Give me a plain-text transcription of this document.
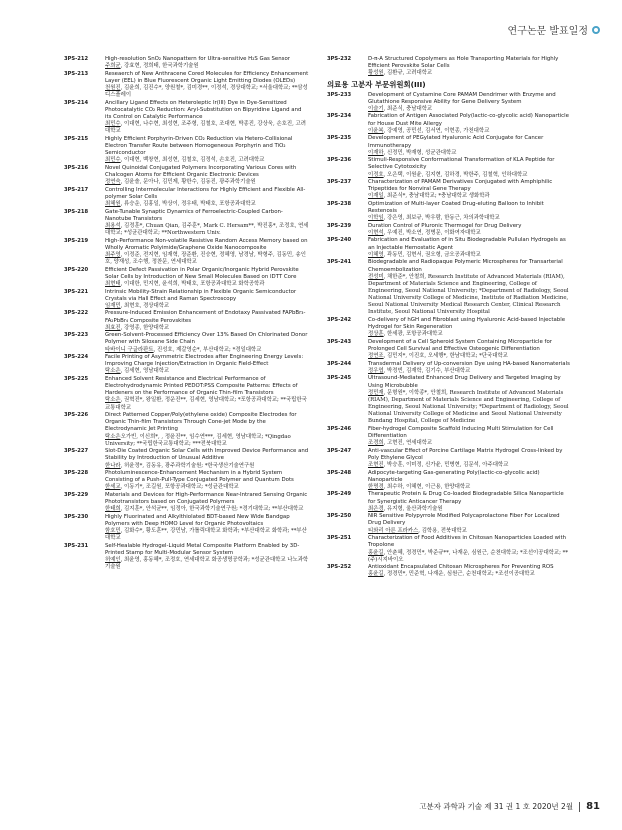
연구논문 발표일정
3PS-212	High-resolution SnO₂ Nanopattern for Ultra-sensitive H₂S Gas Sensor
주희균, 강효현, 정희태, 한국과학기술원
3PS-213	Reseaerch of New Anthracene Cored Molecules for Efficiency Enhancement Layer (EEL) in Blue Fluorescent Organic Light Emitting Diodes (OLEDs)
천원진, 김윤희, 김진수*, 양원철*, 김미경**, 이정석, 경상대학교; *서울대학교; **삼성디스플레이
3PS-214	Ancillary Ligand Effects on Heteroleptic Ir(III) Dye in Dye-Sensitized Photocatalytic CO₂ Reduction: Aryl-Substitution on Bipyridine Ligand and its Control on Catalytic Performance
최민수, 이대현, 나수현, 최성현, 조주형, 김철호, 조대현, 박종진, 강상욱, 손호진, 고려대학교
3PS-215	Highly Efficient Porphyrin-Driven CO₂ Reduction via Hetero-Collisional Electron Transfer Route between Homogeneous Porphyrin and TiO₂ Semiconductor
최민수, 이대현, 백창현, 최성현, 김철호, 김정석, 손호진, 고려대학교
3PS-216	Novel Quinoidal Conjugated Polymers Incorporating Various Cores with Chalcogen Atoms for Efficient Organic Electronic Devices
정연숙, 김윤솔, 문아나, 김민제, 황한수, 김동진, 광주과학기술원
3PS-217	Controlling Intermolecular Interactions for Highly Efficient and Flexible All-polymer Solar Cells
최혜원, 류승운, 김홍일, 박상이, 정우태, 박태호, 포항공과대학교
3PS-218	Gate-Tunable Synaptic Dynamics of Ferroelectric-Coupled Carbon-Nanotube Transistors
최용석, 김정훈*, Chuan Qian, 김주훈*, Mark C. Hersam**, 박진홍*, 조정호, 연세대학교; *성균관대학교; **Northwestern Univ.
3PS-219	High-Performance Non-volatile Resistive Random Access Memory based on Wholly Aromatic Polyimide/Graphene Oxide Nanocomposite
최주영, 이정준, 전지현, 임재혁, 장준환, 진승현, 정혜영, 남경남, 박형주, 김동민, 송인호, 양재성, 조수행, 정찬문, 연세대학교
3PS-220	Efficient Defect Passivation in Polar Organic/Inorganic Hybrid Perovskite Solar Cells by Introduction of New Small Molecules Based on IDTT Core
최현태, 이대한, 민지현, 윤석희, 박태호, 포항공과대학교 화학공학과
3PS-221	Intrinsic Mobility-Strain Relationship in Flexible Organic Semiconductor Crystals via Hall Effect and Raman Spectroscopy
임재민, 최현호, 경상대학교
3PS-222	Pressure-Induced Emission Enhancement of Endotaxy Passivated FAPbBr₃-FA₂PbBr₄ Composite Perovskites
최효진, 강영종, 한양대학교
3PS-223	Green-Solvent-Processed Efficiency Over 13% Based On Chlorinated Donor Polymer with Siloxane Side Chain
타바이니 구글라판트, 진성호, 제갈영순*, 부산대학교; *경일대학교
3PS-224	Facile Printing of Asymmetric Electrodes after Engineering Energy Levels: Improving Charge Injection/Extraction in Organic Field-Effect
탁소은, 김세현, 영남대학교
3PS-225	Enhanced Solvent Resistance and Electrical Performance of Electrohydrodynamic Printed PEDOT:PSS Composite Patterns: Effects of Hardeners on the Performance of Organic Thin-film Transistors
탁소은, 권혁진*, 왕일환, 정운진**, 김세현, 영남대학교; *포항공과대학교; **국립한국교통대학교
3PS-226	Direct Patterned Copper/Poly(ethylene oxide) Composite Electrodes for Organic Thin-film Transistors Through Cone-jet Mode by the Electrodynamic Jet Printing
탁소은오가빈, 이신희*, , 정윤진**, 임수연***, 김세현, 영남대학교; *Qingdao University; **국립한국교통대학교; ***전북대학교
3PS-227	Slot-Die Coated Organic Solar Cells with Improved Device Performance and Stability by Introduction of Unusual Additive
한나라, 허윤정*, 김동유, 광주과학기술원; *한국생산기술연구원
3PS-228	Photoluminescence-Enhancement Mechanism in a Hybrid System Consisting of a Push-Pull-Type Conjugated Polymer and Quantum Dots
한세교, 이동기*, 조길원, 포항공과대학교; *성균관대학교
3PS-229	Materials and Devices for High-Performance Near-Intrared Sensing Organic Phototransistors based on Conjugated Polymers
한태희, 김지훈*, 안석균**, 임정아, 한국과학기술연구원; *경기대학교; **부산대학교
3PS-230	Highly Fluorinated and Alkylthiolated BDT-based New Wide Bandgap Polymers with Deep HOMO Level for Organic Photovoltaics
함호민, 김화수*, 황도훈**, 강민남, 가톨릭대학교 화학과; *부산대학교 화학과; **부산대학교
3PS-231	Self-Healable Hydrogel-Liquid Metal Composite Platform Enabled by 3D-Printed Stamp for Multi-Modular Sensor System
허예인, 최윤영, 홍동혜*, 조정호, 연세대학교 화공생명공학과; *성균관대학교 나노과학기술원
3PS-232	D-π-A Structured Copolymers as Hole Transporting Materials for Highly Efficient Perovskite Solar Cells
황성원, 김환규, 고려대학교
의료용 고분자 부문위원회(III)
3PS-233	Development of Cystamine Core PAMAM Dendrimer with Enzyme and Glutathione Responsive Ability for Gene Delivery System
이슬기, 최준식, 충남대학교
3PS-234	Fabrication of Antigen Associated Poly(lactic-co-glycolic acid) Nanoparticle for House Dust Mite Allergy
이윤복, 강예영, 공민선, 김서연, 이현종, 가천대학교
3PS-235	Development of PEGylated Hyaluronic Acid Conjugate for Cancer Immunotherapy
이재하, 신정민, 박재형, 성균관대학교
3PS-236	Stimuli-Responsive Conformational Transformation of KLA Peptide for Selective Cytotoxicity
이정호, 오은택, 이원윤, 김지현, 김하경, 박한주, 김철혁, 인하대학교
3PS-237	Characterization of PAMAM Derivatives Conjugated with Amphiphilic Tripeptides for Nonviral Gene Therapy
이재일, 최준식*, 충남대학교; *충남대학교 생화학과
3PS-238	Optimization of Multi-layer Coated Drug-eluting Balloon to Inhibit Restenosis
이학임, 강은영, 최보규, 박우람, 한동근, 차의과학대학교
3PS-239	Duration Control of Pluronic Thermogel for Drug Delivery
이현석, 우예진, 박소연, 정병문, 이화여자대학교
3PS-240	Fabrication and Evaluation of in Situ Biodegradable Pullulan Hydrogels as an Injectable Hemostatic Agent
이혜영, 곽동민, 김현서, 권오형, 금오공과대학교
3PS-241	Biodegradable and Radiopaque Polymeric Microspheres for Transarterial Chemoembolization
전성미, 채한준*, 안철희, Research Institute of Advanced Materials (RIAM), Department of Materials Science and Engineering, College of Engineering, Seoul National University; *Department of Radiology, Seoul National University College of Medicine, Institute of Radiation Medicine, Seoul National University Medical Research Center, Clinical Research Institute, Seoul National University Hospital
3PS-242	Co-delivery of hGH and Fibroblast using Hyaluronic Acid-based Injectable Hydrogel for Skin Regeneration
정상훈, 한세광, 포항공과대학교
3PS-243	Development of a Cell Spheroid System Containing Microparticle for Prolonged Cell Survival and Effective Osteogenic Differentiation
정연조, 김민지*, 이진호, 오세행*, 한남대학교; *단국대학교
3PS-244	Transdermal Delivery of Up-conversion Dye using HA-based Nanomaterials
정우엽, 박정빈, 김재학, 김기수, 부산대학교
3PS-245	Ultrasound-Mediated Enhanced Drug Delivery and Targeted Imaging by Using Microbubble
정민재, 문형원*, 이학종*, 안철희, Research Institute of Advanced Materials (RIAM), Department of Materials Science and Engineering, College of Engineering, Seoul National University; *Department of Radiology, Seoul National University College of Medicine and Seoul National University Bundang Hospital, College of Medicine
3PS-246	Fiber-hydrogel Composite Scaffold Inducing Multi Stimulation for Cell Differentiation
조경희, 고현진, 연세대학교
3PS-247	Anti-vascular Effect of Porcine Cartilage Matrix Hydrogel Cross-linked by Poly Ethylene Glycol
조현진, 박승훈, 이미정, 신가윤, 민병현, 김문석, 아주대학교
3PS-248	Adipocyte-targeting Gas-generating Poly(lactic-co-glycolic acid) Nanoparticle
한명경, 최수하, 이혜현, 이근용, 한양대학교
3PS-249	Therapeutic Protein & Drug Co-loaded Biodegradable Silica Nanoparticle for Synergistic Anticancer Therapy
최은경, 유지형, 울산과학기술원
3PS-250	NIR Sensitive Polypyrrole Modified Polycaprolactone Fiber For Localized Drug Delivery
티와리 아른 프라카스, 김학용, 전북대학교
3PS-251	Characterization of Food Additives in Chitosan Nanoparticles Loaded with Tropolone
홍윤길, 안춘혜, 정경민*, 박준규**, 나재운, 심원근, 순천대학교; *조선이공대학교; **(주)시지바이오
3PS-252	Antioxidant Encapsulated Chitosan Microspheres For Preventing ROS
홍윤길, 정경민*, 민준혁, 나재운, 심원근, 순천대학교; *조선이공대학교
고분자 과학과 기술 제 31 권 1 호 2020년 2월 81
